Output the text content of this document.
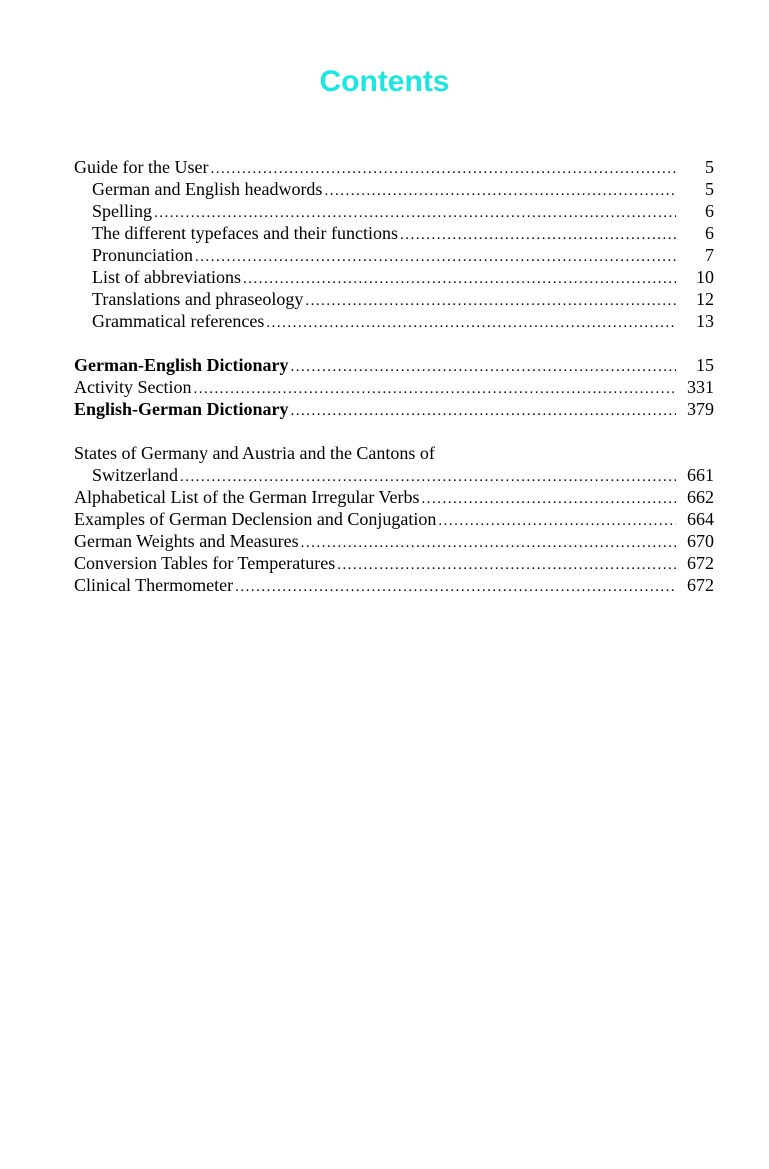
Contents
Guide for the User .....	5
German and English headwords .....	5
Spelling .....	6
The different typefaces and their functions .....	6
Pronunciation .....	7
List of abbreviations .....	10
Translations and phraseology .....	12
Grammatical references .....	13
German-English Dictionary .....	15
Activity Section .....	331
English-German Dictionary .....	379
States of Germany and Austria and the Cantons of
Switzerland .....	661
Alphabetical List of the German Irregular Verbs .....	662
Examples of German Declension and Conjugation .....	664
German Weights and Measures .....	670
Conversion Tables for Temperatures .....	672
Clinical Thermometer .....	672
